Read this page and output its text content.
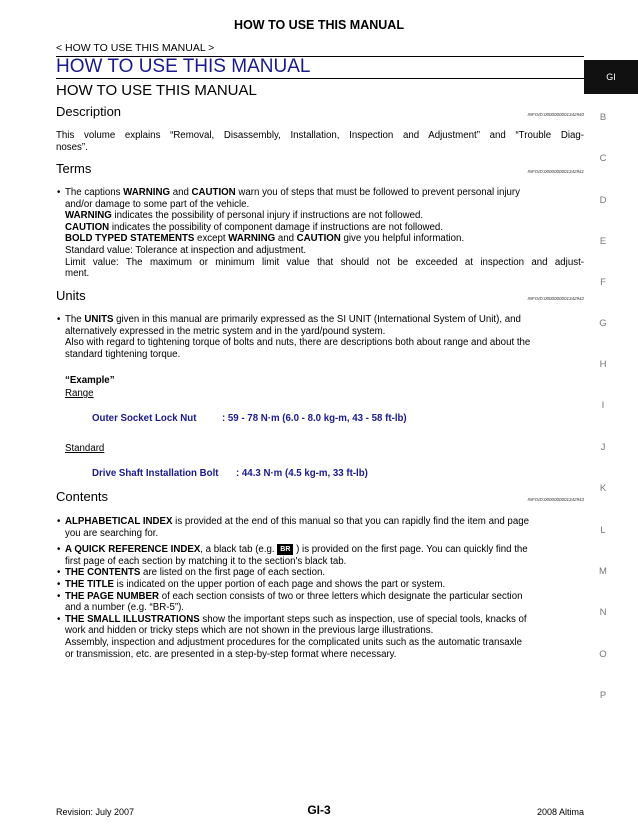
HOW TO USE THIS MANUAL
< HOW TO USE THIS MANUAL >
HOW TO USE THIS MANUAL
HOW TO USE THIS MANUAL
GI
B
C
D
E
F
G
H
I
J
K
L
M
N
O
P
Description	INFOID:0000000001342940
This volume explains “Removal, Disassembly, Installation, Inspection and Adjustment” and “Trouble Diag-
noses”.
Terms	INFOID:0000000001342941
• The captions WARNING and CAUTION warn you of steps that must be followed to prevent personal injury
and/or damage to some part of the vehicle.
WARNING indicates the possibility of personal injury if instructions are not followed.
CAUTION indicates the possibility of component damage if instructions are not followed.
BOLD TYPED STATEMENTS except WARNING and CAUTION give you helpful information.
Standard value: Tolerance at inspection and adjustment.
Limit value: The maximum or minimum limit value that should not be exceeded at inspection and adjust-
ment.
Units	INFOID:0000000001342942
• The UNITS given in this manual are primarily expressed as the SI UNIT (International System of Unit), and
alternatively expressed in the metric system and in the yard/pound system.
Also with regard to tightening torque of bolts and nuts, there are descriptions both about range and about the
standard tightening torque.
“Example”
Range
Outer Socket Lock Nut	: 59 - 78 N·m (6.0 - 8.0 kg-m, 43 - 58 ft-lb)
Standard
Drive Shaft Installation Bolt : 44.3 N·m (4.5 kg-m, 33 ft-lb)
Contents	INFOID:0000000001342943
• ALPHABETICAL INDEX is provided at the end of this manual so that you can rapidly find the item and page
you are searching for.
• A QUICK REFERENCE INDEX, a black tab (e.g. BR ) is provided on the first page. You can quickly find the
first page of each section by matching it to the section's black tab.
• THE CONTENTS are listed on the first page of each section.
• THE TITLE is indicated on the upper portion of each page and shows the part or system.
• THE PAGE NUMBER of each section consists of two or three letters which designate the particular section
and a number (e.g. “BR-5”).
• THE SMALL ILLUSTRATIONS show the important steps such as inspection, use of special tools, knacks of
work and hidden or tricky steps which are not shown in the previous large illustrations.
Assembly, inspection and adjustment procedures for the complicated units such as the automatic transaxle
or transmission, etc. are presented in a step-by-step format where necessary.
Revision: July 2007	GI-3	2008 Altima
